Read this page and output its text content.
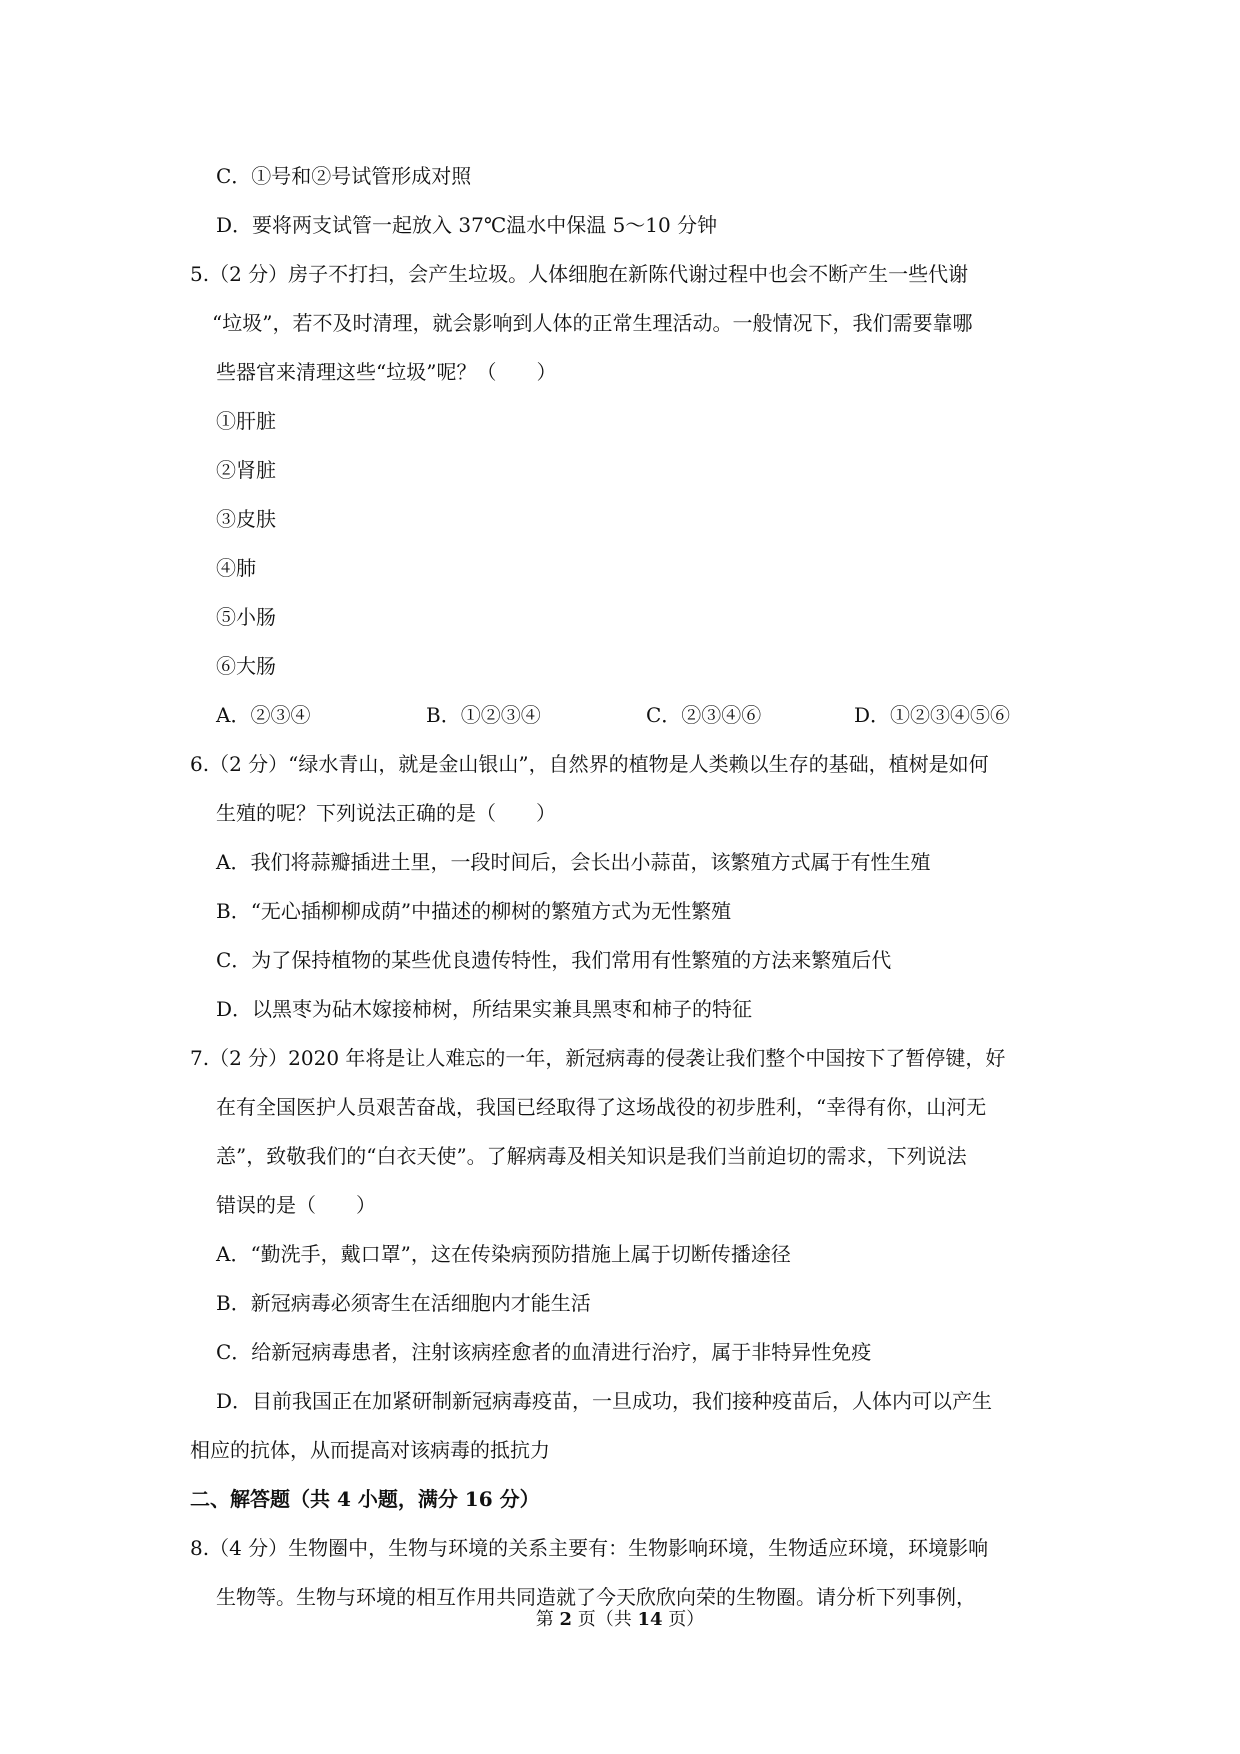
C．①号和②号试管形成对照
D．要将两支试管一起放入 37℃温水中保温 5～10 分钟
5.（2 分）房子不打扫，会产生垃圾。人体细胞在新陈代谢过程中也会不断产生一些代谢
“垃圾”，若不及时清理，就会影响到人体的正常生理活动。一般情况下，我们需要靠哪
些器官来清理这些“垃圾”呢？（　　）
①肝脏
②肾脏
③皮肤
④肺
⑤小肠
⑥大肠
A．②③④	B．①②③④	C．②③④⑥	D．①②③④⑤⑥
6.（2 分）“绿水青山，就是金山银山”，自然界的植物是人类赖以生存的基础，植树是如何
生殖的呢？下列说法正确的是（　　）
A．我们将蒜瓣插进土里，一段时间后，会长出小蒜苗，该繁殖方式属于有性生殖
B．“无心插柳柳成荫”中描述的柳树的繁殖方式为无性繁殖
C．为了保持植物的某些优良遗传特性，我们常用有性繁殖的方法来繁殖后代
D．以黑枣为砧木嫁接柿树，所结果实兼具黑枣和柿子的特征
7.（2 分）2020 年将是让人难忘的一年，新冠病毒的侵袭让我们整个中国按下了暂停键，好
在有全国医护人员艰苦奋战，我国已经取得了这场战役的初步胜利，“幸得有你，山河无
恙”，致敬我们的“白衣天使”。了解病毒及相关知识是我们当前迫切的需求，下列说法
错误的是（　　）
A．“勤洗手，戴口罩”，这在传染病预防措施上属于切断传播途径
B．新冠病毒必须寄生在活细胞内才能生活
C．给新冠病毒患者，注射该病痊愈者的血清进行治疗，属于非特异性免疫
D．目前我国正在加紧研制新冠病毒疫苗，一旦成功，我们接种疫苗后，人体内可以产生
相应的抗体，从而提高对该病毒的抵抗力
二、解答题（共 4 小题，满分 16 分）
8.（4 分）生物圈中，生物与环境的关系主要有：生物影响环境，生物适应环境，环境影响
生物等。生物与环境的相互作用共同造就了今天欣欣向荣的生物圈。请分析下列事例，
第 2 页（共 14 页）
